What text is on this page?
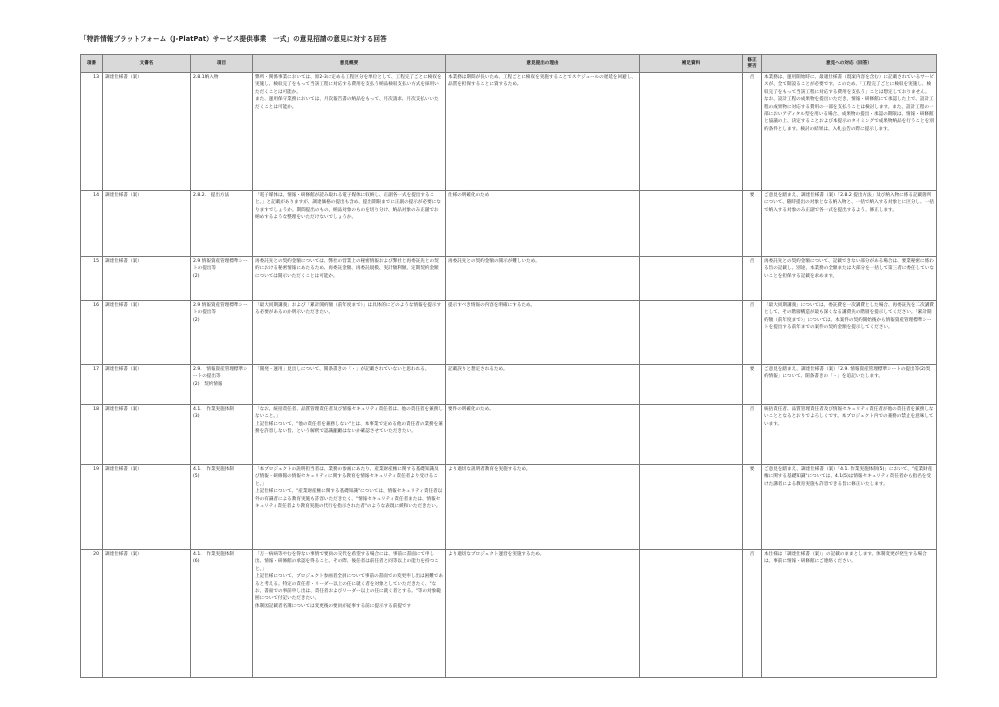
「特許情報プラットフォーム（J-PlatPat）サービス提供事業　一式」の意見招請の意見に対する回答
項番	文書名	項目	意見概要	意見提出の理由	補足資料	修正
要否	意見への対応（回答）
13	調達仕様書（案）	2.8.1納入物	弊所・関係事業においては、原2-3に定める工程区分を単位として、工程完了ごとに検収を実施し、検収完了をもって当該工程に対応する費用を支払う納品検収支払い方式を採用いただくことは可能か。
また、運用保守業務においては、月次報告書の納品をもって、月次請求、月次支払いいただくことは可能か。	本業務は期間が長いため、工程ごとに検収を実施することでスケジュールの遅延を回避し、品質を担保することに資するため。		否	本業務は、運用開始時に、最適仕様書（現案内容を含む）に記載されているサービスが、全て開設ることが必要です。このため、「工程完了ごとに検収を実施し、検収完了をもって当該工程に対応する費用を支払う」ことは想定しておりません。なお、設計工程の成果物を提出いただき、情報・研修館にて承認した上で、設計工程の成果物に対応する費用の一部を支払うことは検討します。また、設計工程の一部においアディタル型を用いる場合、成果物の提出・承認の期限は、情報・研修館と協議の上、決定することおよび本提示のタイミングで成果物納品を行うことを別約条件とします。検討の結果は、入札公告の際に提示します。
14	調達仕様書（案）	2.8.2.　提出方法	「電子媒体は、情報・研修館が読み取れる電子媒体に収納し、正副各一式を提出すること。」と記載がありますが、調達価格の提出も含め、提出期限までに正副の提示が必要になりますでしょうか。期間提出のもの、納品対象のものを切り分け、納品対象のみ正副でお納めするような整理をいただけないでしょうか。	仕様の明確化のため		要	ご意見を踏まえ、調達仕様書（案）「2.8.2 提出方法」及び納入物に係る記載箇所について、随時提出の対象となる納入物と、一括で納入する対象とに区分し、一括で納入する対象のみ正副で各一式を提出するよう、修正します。
15	調達仕様書（案）	2.9 情報資産管理標準シートの提出等
(2)	再委託先との契約金額については、弊社の営業上の秘密情報および弊社と再委託先との契約における秘密情報にあたるため、再委託金額、再委託規模、実計額利額、定期契約金額については開示いただくことは可能か。	再委託先との契約金額の開示が難しいため。		否	再委託先との契約金額について、記載できない部分がある場合は、要業秘密に係わる旨の記載し、別途、本業務の全額または大部分を一括して第三者に委任していないことを担保する記載を求めます。
16	調達仕様書（案）	2.9 情報資産管理標準シートの提出等
(2)	「最大同期講義」および「累計開約額（前年度まで）」は具体的にどのような情報を提示する必要があるのか明示いただきたい。	提示すべき情報の内容を明確にするため。		否	「最大同期講義」については、委託費を一次講費とした場合、再委託先を二次講費として、その階層構造が最も深くなる講費先の階層を提示してください。「累計開約額（前年度まで）」については、本案件の契約開始後から情報資産管理標準シートを提出する前年までの案件の契約金額を提示してください。
17	調達仕様書（案）	2.9.　情報資産管理標準シートの提出等
(2)　契約情報	「開発・運用」見出しについて、開条書きの「・」が記載されていないと思われる。	記載誤りと想定されるため。		要	ご意見を踏まえ、調達仕様書（案）「2.9. 情報資産管理標準シートの提出等(2)契約情報」について、開条書きの「・」を追記いたします。
18	調達仕様書（案）	4.1.　作業実施体制
(3)	「なお、統括責任者、品質管理責任者及び情報セキュリティ責任者は、他の責任者を兼務しないこと。」
上記仕様について、"他の責任者を兼務しない"とは、本事業で定める他の責任者の業務を兼務を許容しない旨、という解釈で認識齟齬はないか確認させていただきたい。	要件の明確化のため。		否	統括責任者、品質管理責任者及び情報セキュリティ責任者が他の責任者を兼務しないこととなるとおりでよろしくです。本プロジェクト内での兼務の禁止を意味しています。
19	調達仕様書（案）	4.1.　作業実施体制
(5)	「本プロジェクトの説明担当者は、業務の参画にあたり、産業財産権に関する基礎知識及び情報・研修館の情報セキュリティに関する教育を情報セキュリティ責任者より受けること。」
上記仕様について、"産業財産権に関する基礎知識"については、情報セキュリティ責任者以外の有識者による教育実施も許容いただきたく、"情報セキュリティ責任者または、情報セキュリティ責任者より教育実施の代行を指示された者"のような表現に緩和いただきたい。	より適切な説明者教育を実施するため。		要	ご意見を踏まえ、調達仕様書（案）「4.1. 作業実施体制(5)」において、"産業財産権に関する基礎知識"については、4.1(5)は情報セキュリティ責任者から指名を受けた講者による教育実施も許容できる旨に修正いたします。
20	調達仕様書（案）	4.1.　作業実施体制
(6)	「万一病病等やむを得ない事情で要員の交代を希望する場合には、事前に書面にて申し出、情報・研修館の承認を得ること。その際、後任者は前任者と同等以上の能力を持つこと。」
上記仕様について、プロジェクト参画者全員について事前の書面での変更申し出は困難であると考える。特定の責任者・リーダー以上の任に就く者を対象としていただきたく、"なお、書面での事前申し出は、責任者およびリーダー以上の任に就く者とする。"等の対象範囲について付記いただきたい。
体制図記載者名簿については変更後の要員が従事する前に提示する前提です	より適切なプロジェクト運営を実施するため。		否	本仕様は「調達仕様書（案）」の記載のままとします。体制変更が発生する場合は、事前に情報・研修館にご連絡ください。
